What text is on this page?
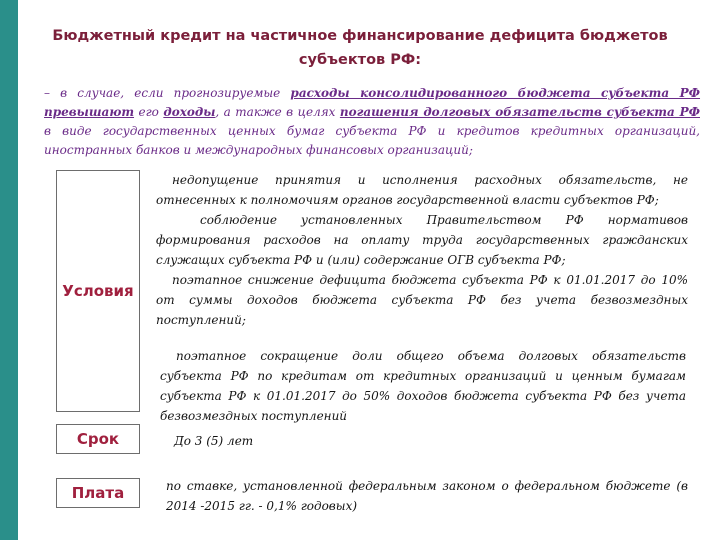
Бюджетный кредит на частичное финансирование дефицита бюджетов
субъектов РФ:

– в случае, если прогнозируемые расходы консолидированного бюджета субъекта РФ превышают его доходы, а также в целях погашения долговых обязательств субъекта РФ в виде государственных ценных бумаг субъекта РФ и кредитов кредитных организаций, иностранных банков и международных финансовых организаций;

Условия

недопущение принятия и исполнения расходных обязательств, не отнесенных к полномочиям органов государственной власти субъектов РФ;

соблюдение установленных Правительством РФ нормативов формирования расходов на оплату труда государственных гражданских служащих субъекта РФ и (или) содержание ОГВ субъекта РФ;

поэтапное снижение дефицита бюджета субъекта РФ к 01.01.2017 до 10% от суммы доходов бюджета субъекта РФ без учета безвозмездных поступлений;

поэтапное сокращение доли общего объема долговых обязательств субъекта РФ по кредитам от кредитных организаций и ценным бумагам субъекта РФ к 01.01.2017 до 50% доходов бюджета субъекта РФ без учета безвозмездных поступлений

Срок	До 3 (5) лет
Плата	по ставке, установленной федеральным законом о федеральном бюджете (в 2014 -2015 гг. - 0,1% годовых)
